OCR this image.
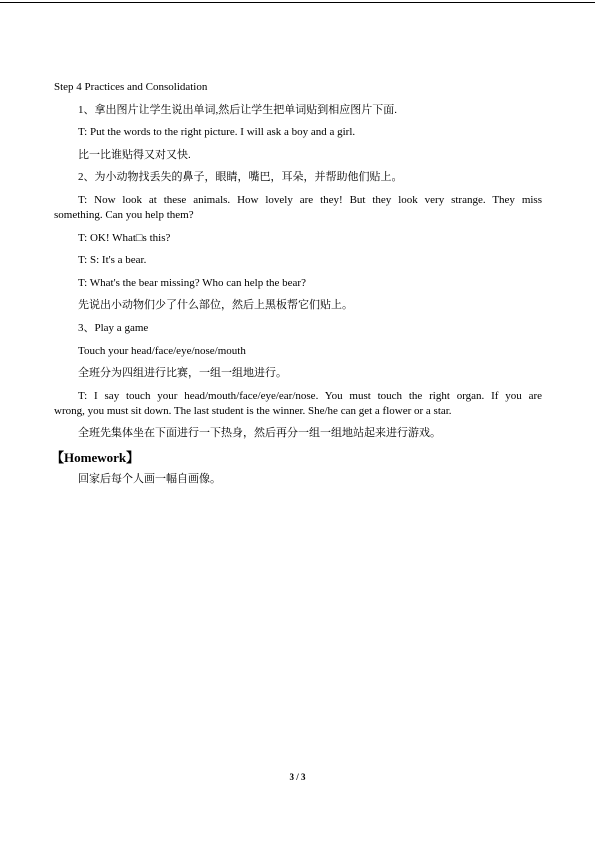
Step 4 Practices and Consolidation
1、拿出图片让学生说出单词,然后让学生把单词贴到相应图片下面.
T: Put the words to the right picture. I will ask a boy and a girl.
比一比谁贴得又对又快.
2、为小动物找丢失的鼻子，眼睛，嘴巴，耳朵，并帮助他们贴上。
T: Now look at these animals. How lovely are they! But they look very strange. They miss
something. Can you help them?
T: OK! What□s this?
T: S: It's a bear.
T: What's the bear missing? Who can help the bear?
先说出小动物们少了什么部位，然后上黑板帮它们贴上。
3、Play a game
Touch your head/face/eye/nose/mouth
全班分为四组进行比赛，一组一组地进行。
T: I say touch your head/mouth/face/eye/ear/nose. You must touch the right organ. If you are
wrong, you must sit down. The last student is the winner. She/he can get a flower or a star.
全班先集体坐在下面进行一下热身，然后再分一组一组地站起来进行游戏。
【Homework】
回家后每个人画一幅自画像。
3 / 3
